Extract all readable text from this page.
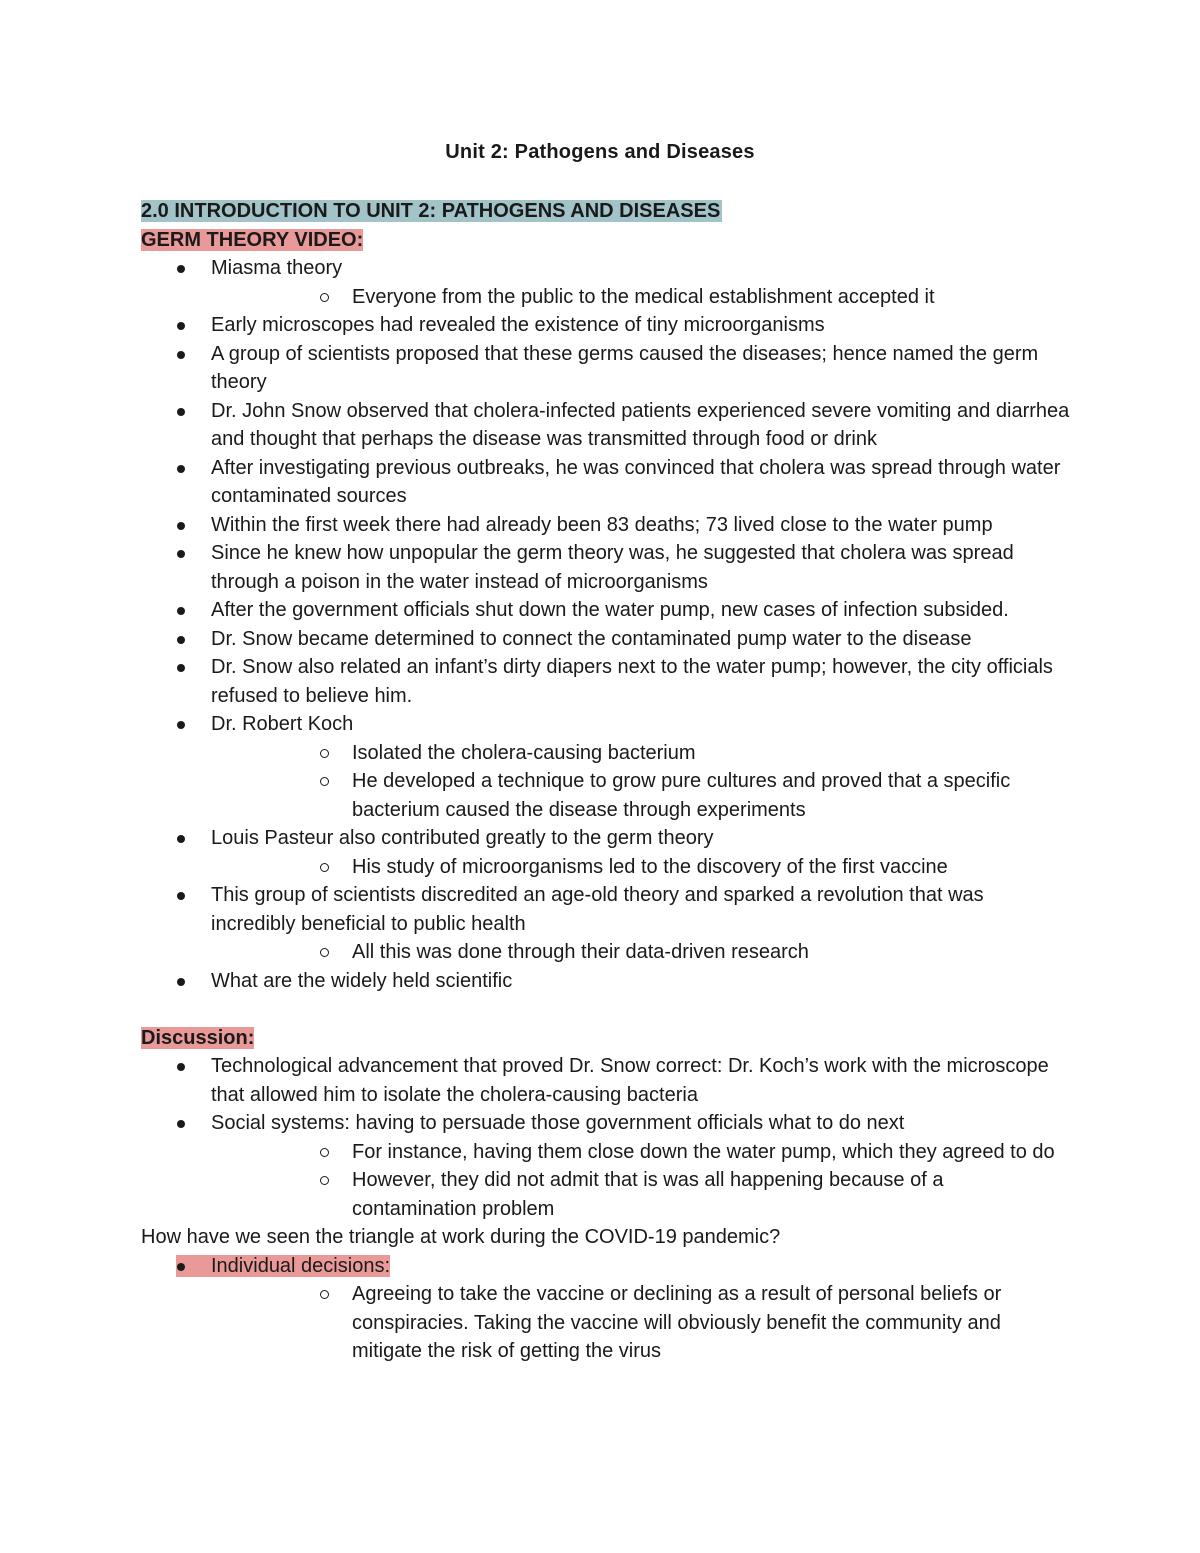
Unit 2: Pathogens and Diseases
2.0 INTRODUCTION TO UNIT 2: PATHOGENS AND DISEASES
GERM THEORY VIDEO:
Miasma theory
Everyone from the public to the medical establishment accepted it
Early microscopes had revealed the existence of tiny microorganisms
A group of scientists proposed that these germs caused the diseases; hence named the germ theory
Dr. John Snow observed that cholera-infected patients experienced severe vomiting and diarrhea and thought that perhaps the disease was transmitted through food or drink
After investigating previous outbreaks, he was convinced that cholera was spread through water contaminated sources
Within the first week there had already been 83 deaths; 73 lived close to the water pump
Since he knew how unpopular the germ theory was, he suggested that cholera was spread through a poison in the water instead of microorganisms
After the government officials shut down the water pump, new cases of infection subsided.
Dr. Snow became determined to connect the contaminated pump water to the disease
Dr. Snow also related an infant’s dirty diapers next to the water pump; however, the city officials refused to believe him.
Dr. Robert Koch
Isolated the cholera-causing bacterium
He developed a technique to grow pure cultures and proved that a specific bacterium caused the disease through experiments
Louis Pasteur also contributed greatly to the germ theory
His study of microorganisms led to the discovery of the first vaccine
This group of scientists discredited an age-old theory and sparked a revolution that was incredibly beneficial to public health
All this was done through their data-driven research
What are the widely held scientific
Discussion:
Technological advancement that proved Dr. Snow correct: Dr. Koch’s work with the microscope that allowed him to isolate the cholera-causing bacteria
Social systems: having to persuade those government officials what to do next
For instance, having them close down the water pump, which they agreed to do
However, they did not admit that is was all happening because of a contamination problem
How have we seen the triangle at work during the COVID-19 pandemic?
Individual decisions:
Agreeing to take the vaccine or declining as a result of personal beliefs or conspiracies. Taking the vaccine will obviously benefit the community and mitigate the risk of getting the virus
